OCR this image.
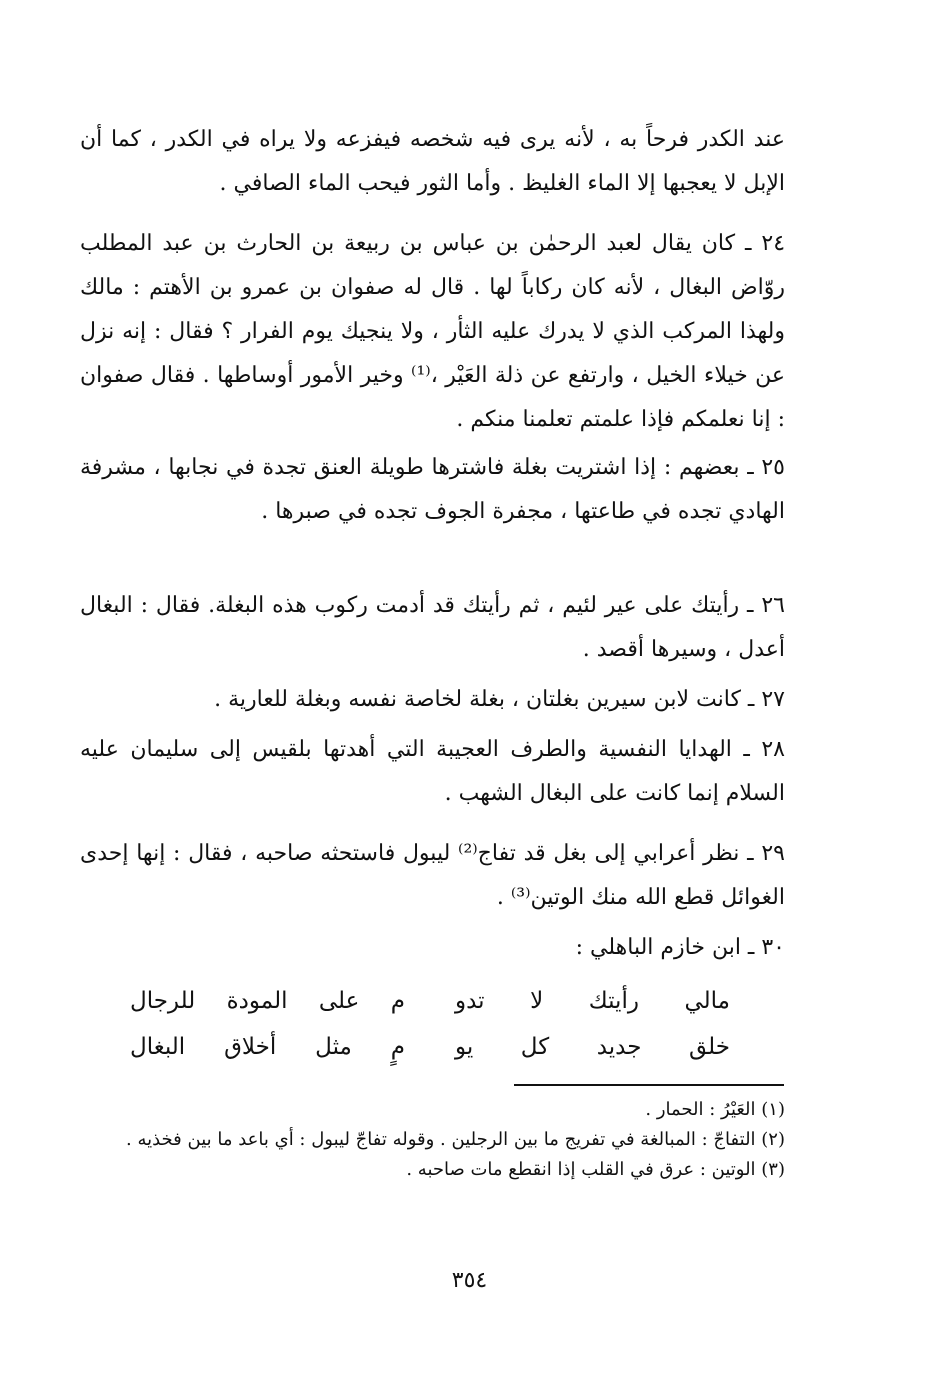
عند الكدر فرحاً به ، لأنه يرى فيه شخصه فيفزعه ولا يراه في الكدر ، كما أن الإبل لا يعجبها إلا الماء الغليظ . وأما الثور فيحب الماء الصافي .

٢٤ ـ كان يقال لعبد الرحمٰن بن عباس بن ربيعة بن الحارث بن عبد المطلب روّاض البغال ، لأنه كان ركاباً لها . قال له صفوان بن عمرو بن الأهتم : مالك ولهذا المركب الذي لا يدرك عليه الثأر ، ولا ينجيك يوم الفرار ؟ فقال : إنه نزل عن خيلاء الخيل ، وارتفع عن ذلة العَيْر ،⁽¹⁾ وخير الأمور أوساطها . فقال صفوان : إنا نعلمكم فإذا علمتم تعلمنا منكم .

٢٥ ـ بعضهم : إذا اشتريت بغلة فاشترها طويلة العنق تجدة في نجابها ، مشرفة الهادي تجده في طاعتها ، مجفرة الجوف تجده في صبرها .

٢٦ ـ رأيتك على عير لئيم ، ثم رأيتك قد أدمت ركوب هذه البغلة. فقال : البغال أعدل ، وسيرها أقصد .

٢٧ ـ كانت لابن سيرين بغلتان ، بغلة لخاصة نفسه وبغلة للعارية .

٢٨ ـ الهدايا النفسية والطرف العجيبة التي أهدتها بلقيس إلى سليمان عليه السلام إنما كانت على البغال الشهب .

٢٩ ـ نظر أعرابي إلى بغل قد تفاج⁽²⁾ ليبول فاستحثه صاحبه ، فقال : إنها إحدى الغوائل قطع الله منك الوتين⁽³⁾ .

٣٠ ـ ابن خازم الباهلي :

مالي رأيتك لا تدو
م على المودة للرجال
خلق جديد كل يو
مٍ مثل أخلاق البغال

(١) العَيْرُ : الحمار .

(٢) التفاجّ : المبالغة في تفريج ما بين الرجلين . وقوله تفاجّ ليبول : أي باعد ما بين فخذيه .

(٣) الوتين : عرق في القلب إذا انقطع مات صاحبه .

٣٥٤
